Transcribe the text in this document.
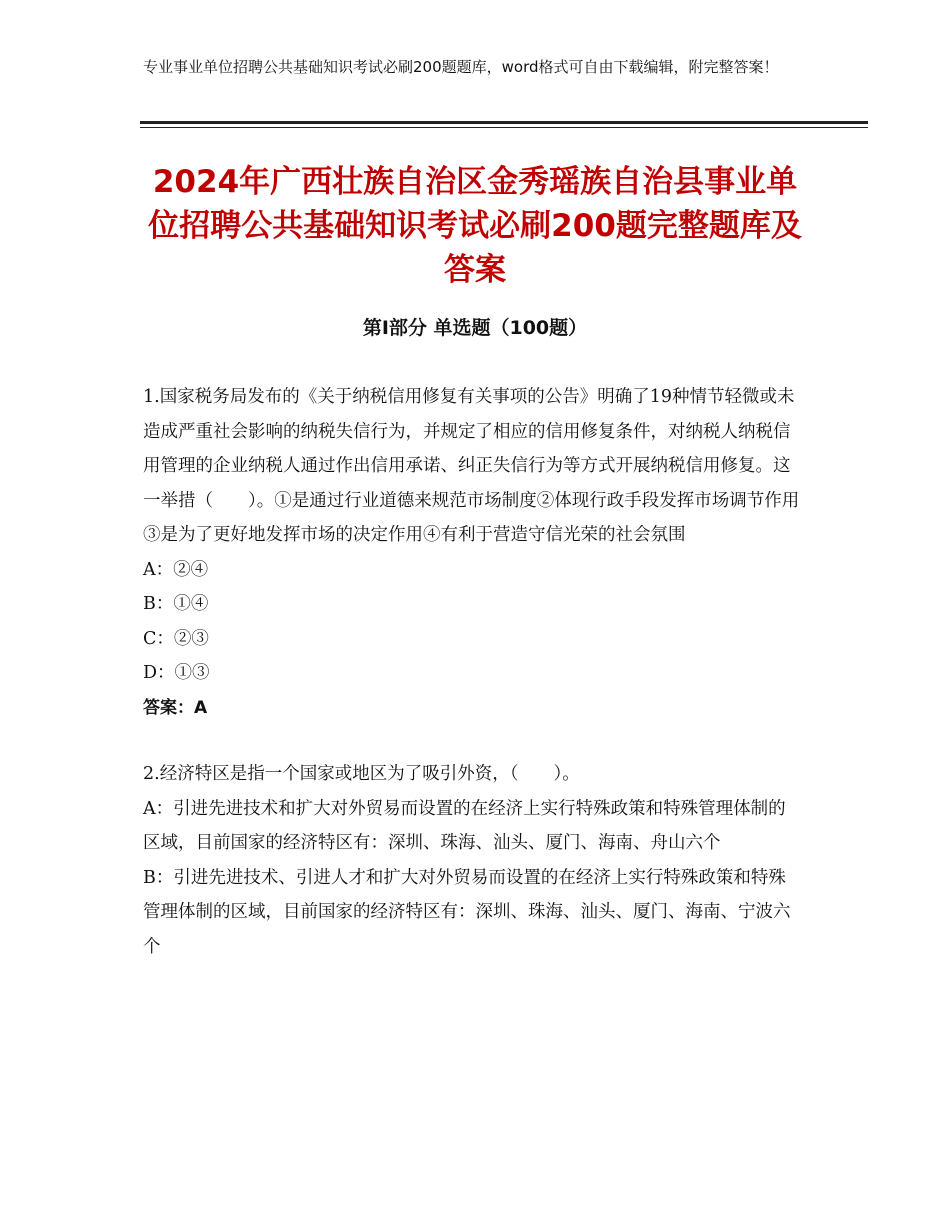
专业事业单位招聘公共基础知识考试必刷200题题库，word格式可自由下载编辑，附完整答案！
2024年广西壮族自治区金秀瑶族自治县事业单位招聘公共基础知识考试必刷200题完整题库及答案
第Ⅰ部分 单选题（100题）

1.国家税务局发布的《关于纳税信用修复有关事项的公告》明确了19种情节轻微或未造成严重社会影响的纳税失信行为，并规定了相应的信用修复条件，对纳税人纳税信用管理的企业纳税人通过作出信用承诺、纠正失信行为等方式开展纳税信用修复。这一举措（　　）。①是通过行业道德来规范市场制度②体现行政手段发挥市场调节作用③是为了更好地发挥市场的决定作用④有利于营造守信光荣的社会氛围

A：②④

B：①④

C：②③

D：①③

答案：A

2.经济特区是指一个国家或地区为了吸引外资，（　　）。

A：引进先进技术和扩大对外贸易而设置的在经济上实行特殊政策和特殊管理体制的区域，目前国家的经济特区有：深圳、珠海、汕头、厦门、海南、舟山六个

B：引进先进技术、引进人才和扩大对外贸易而设置的在经济上实行特殊政策和特殊管理体制的区域，目前国家的经济特区有：深圳、珠海、汕头、厦门、海南、宁波六个
